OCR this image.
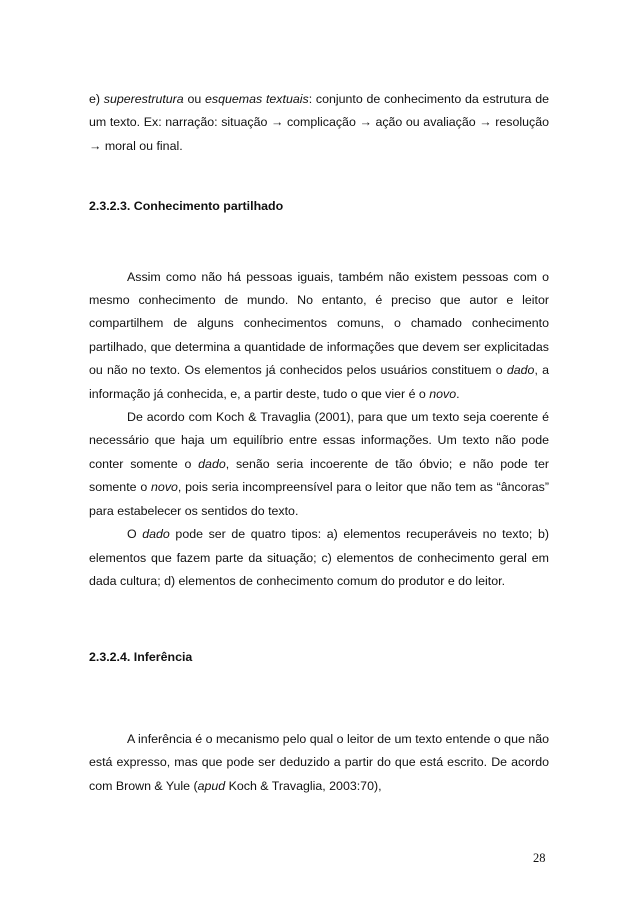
e) superestrutura ou esquemas textuais: conjunto de conhecimento da estrutura de um texto. Ex: narração: situação → complicação → ação ou avaliação → resolução → moral ou final.

2.3.2.3. Conhecimento partilhado

Assim como não há pessoas iguais, também não existem pessoas com o mesmo conhecimento de mundo. No entanto, é preciso que autor e leitor compartilhem de alguns conhecimentos comuns, o chamado conhecimento partilhado, que determina a quantidade de informações que devem ser explicitadas ou não no texto. Os elementos já conhecidos pelos usuários constituem o dado, a informação já conhecida, e, a partir deste, tudo o que vier é o novo.

De acordo com Koch & Travaglia (2001), para que um texto seja coerente é necessário que haja um equilíbrio entre essas informações. Um texto não pode conter somente o dado, senão seria incoerente de tão óbvio; e não pode ter somente o novo, pois seria incompreensível para o leitor que não tem as “âncoras” para estabelecer os sentidos do texto.

O dado pode ser de quatro tipos: a) elementos recuperáveis no texto; b) elementos que fazem parte da situação; c) elementos de conhecimento geral em dada cultura; d) elementos de conhecimento comum do produtor e do leitor.

2.3.2.4. Inferência

A inferência é o mecanismo pelo qual o leitor de um texto entende o que não está expresso, mas que pode ser deduzido a partir do que está escrito. De acordo com Brown & Yule (apud Koch & Travaglia, 2003:70),

28
